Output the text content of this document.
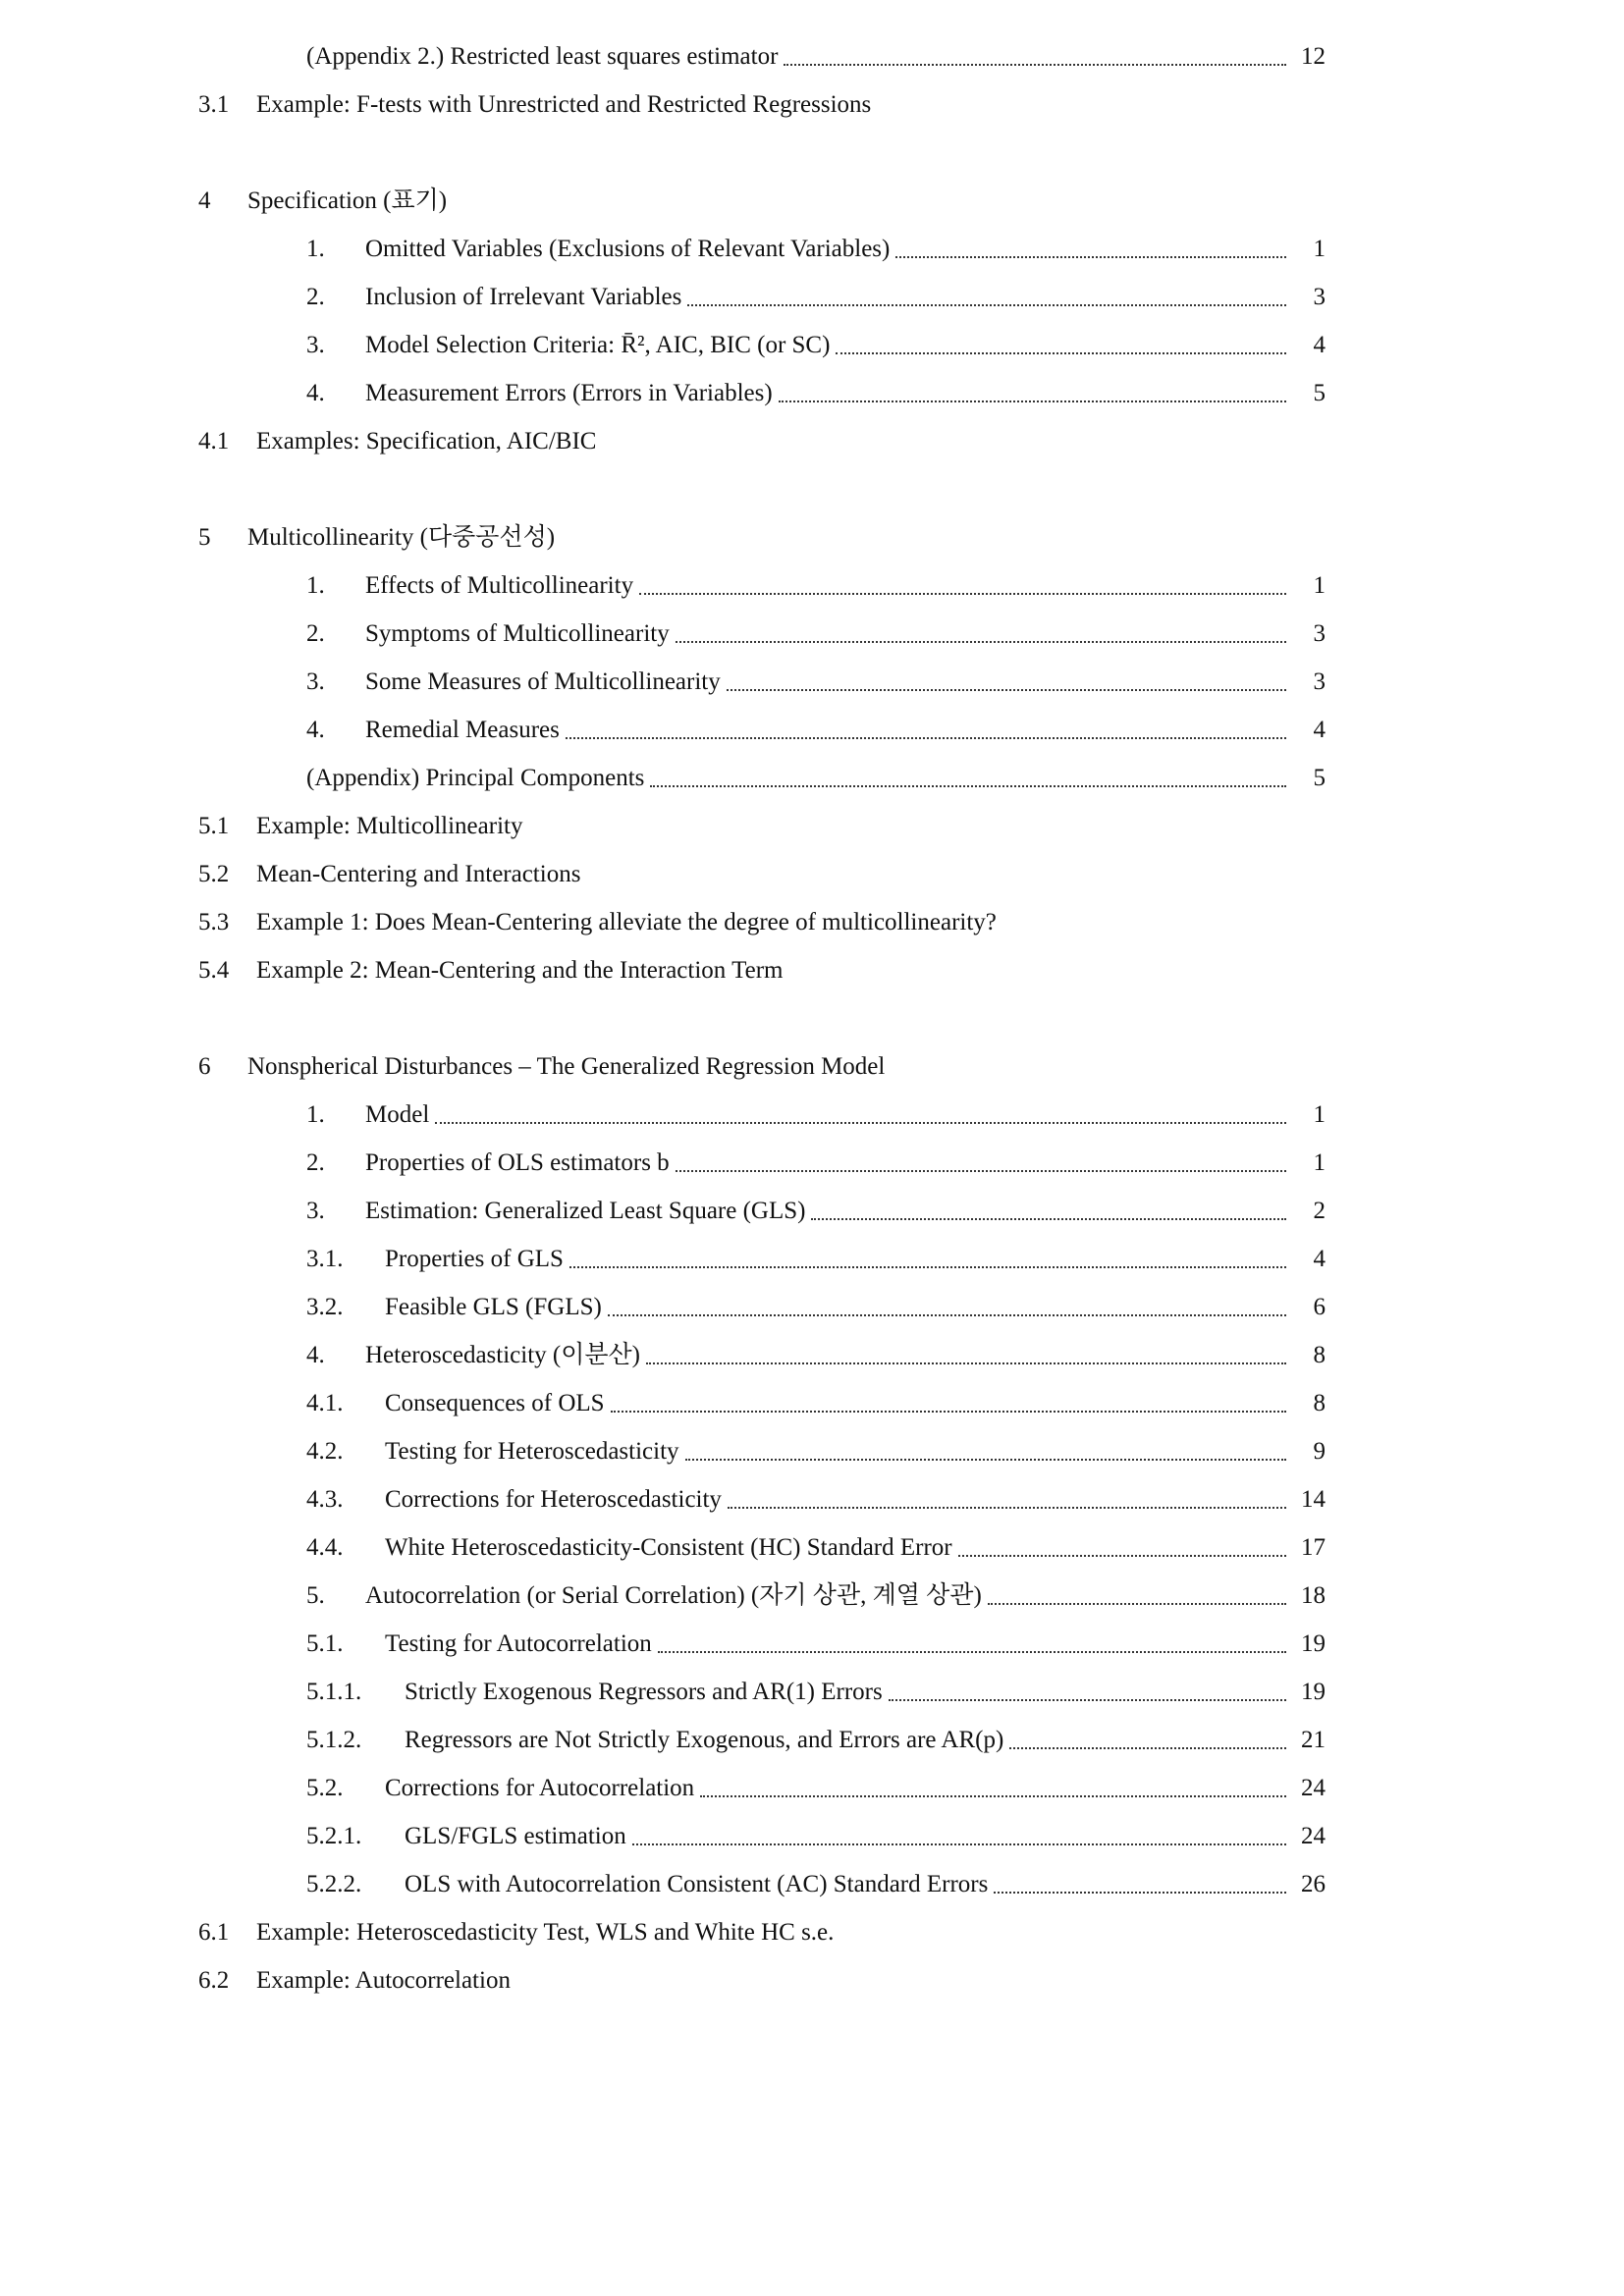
(Appendix 2.) Restricted least squares estimator	12
3.1 Example: F-tests with Unrestricted and Restricted Regressions
4 Specification (표기)
1. Omitted Variables (Exclusions of Relevant Variables)	1
2. Inclusion of Irrelevant Variables	3
3. Model Selection Criteria: R̄², AIC, BIC (or SC)	4
4. Measurement Errors (Errors in Variables)	5
4.1 Examples: Specification, AIC/BIC
5 Multicollinearity (다중공선성)
1. Effects of Multicollinearity	1
2. Symptoms of Multicollinearity	3
3. Some Measures of Multicollinearity	3
4. Remedial Measures	4
(Appendix) Principal Components	5
5.1 Example: Multicollinearity
5.2 Mean-Centering and Interactions
5.3 Example 1: Does Mean-Centering alleviate the degree of multicollinearity?
5.4 Example 2: Mean-Centering and the Interaction Term
6 Nonspherical Disturbances – The Generalized Regression Model
1. Model	1
2. Properties of OLS estimators b	1
3. Estimation: Generalized Least Square (GLS)	2
3.1. Properties of GLS	4
3.2. Feasible GLS (FGLS)	6
4. Heteroscedasticity (이분산)	8
4.1. Consequences of OLS	8
4.2. Testing for Heteroscedasticity	9
4.3. Corrections for Heteroscedasticity	14
4.4. White Heteroscedasticity-Consistent (HC) Standard Error	17
5. Autocorrelation (or Serial Correlation) (자기 상관, 계열 상관)	18
5.1. Testing for Autocorrelation	19
5.1.1. Strictly Exogenous Regressors and AR(1) Errors	19
5.1.2. Regressors are Not Strictly Exogenous, and Errors are AR(p)	21
5.2. Corrections for Autocorrelation	24
5.2.1. GLS/FGLS estimation	24
5.2.2. OLS with Autocorrelation Consistent (AC) Standard Errors	26
6.1 Example: Heteroscedasticity Test, WLS and White HC s.e.
6.2 Example: Autocorrelation
